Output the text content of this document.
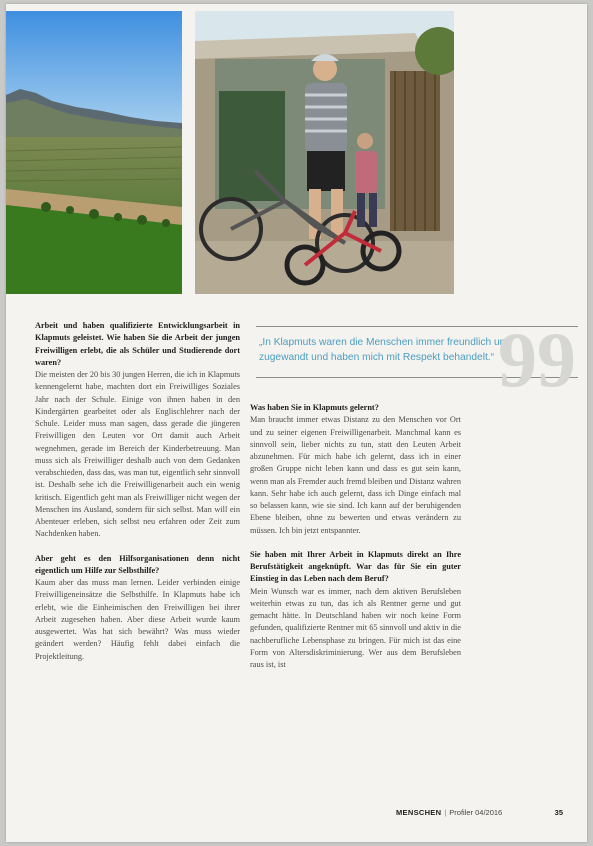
„In Klapmuts waren die Menschen immer freundlich und zugewandt und haben mich mit Respekt behandelt.“ 99
Arbeit und haben qualifizierte Entwicklungsarbeit in Klapmuts geleistet. Wie haben Sie die Arbeit der jungen Freiwilligen erlebt, die als Schüler und Studierende dort waren?
Die meisten der 20 bis 30 jungen Herren, die ich in Klapmuts kennengelernt habe, machten dort ein Freiwilliges Soziales Jahr nach der Schule. Einige von ihnen haben in den Kindergärten gearbeitet oder als Englischlehrer nach der Schule. Leider muss man sagen, dass gerade die jüngeren Freiwilligen den Leuten vor Ort damit auch Arbeit wegnehmen, gerade im Bereich der Kinderbetreuung. Man muss sich als Freiwilliger deshalb auch von dem Gedanken verabschieden, dass das, was man tut, eigentlich sehr sinnvoll ist. Deshalb sehe ich die Freiwilligenarbeit auch ein wenig kritisch. Eigentlich geht man als Freiwilliger nicht wegen der Menschen ins Ausland, sondern für sich selbst. Man will ein Abenteuer erleben, sich selbst neu erfahren oder Zeit zum Nachdenken haben.
Aber geht es den Hilfsorganisationen denn nicht eigentlich um Hilfe zur Selbsthilfe?
Kaum aber das muss man lernen. Leider verbinden einige Freiwilligeneinsätze die Selbsthilfe. In Klapmuts habe ich erlebt, wie die Einheimischen den Freiwilligen bei ihrer Arbeit zugesehen haben. Aber diese Arbeit wurde kaum ausgewertet. Was hat sich bewährt? Was muss wieder geändert werden? Häufig fehlt dabei einfach die Projektleitung.
Was haben Sie in Klapmuts gelernt?
Man braucht immer etwas Distanz zu den Menschen vor Ort und zu seiner eigenen Freiwilligenarbeit. Manchmal kann es sinnvoll sein, lieber nichts zu tun, statt den Leuten Arbeit abzunehmen. Für mich habe ich gelernt, dass ich in einer großen Gruppe nicht leben kann und dass es gut sein kann, wenn man als Fremder auch fremd bleiben und Distanz wahren kann. Sehr habe ich auch gelernt, dass ich Dinge einfach mal so belassen kann, wie sie sind. Ich kann auf der beruhigenden Ebene bleiben, ohne zu bewerten und etwas verändern zu müssen. Ich bin jetzt entspannter.
Sie haben mit Ihrer Arbeit in Klapmuts direkt an Ihre Berufstätigkeit angeknüpft. War das für Sie ein guter Einstieg in das Leben nach dem Beruf?
Mein Wunsch war es immer, nach dem aktiven Berufsleben weiterhin etwas zu tun, das ich als Rentner gerne und gut gemacht hätte. In Deutschland haben wir noch keine Form gefunden, qualifizierte Rentner mit 65 sinnvoll und aktiv in die nachberufliche Lebensphase zu bringen. Für mich ist das eine Form von Altersdiskriminierung. Wer aus dem Berufsleben raus ist, ist
MENSCHEN | Profiler 04/2016	35
